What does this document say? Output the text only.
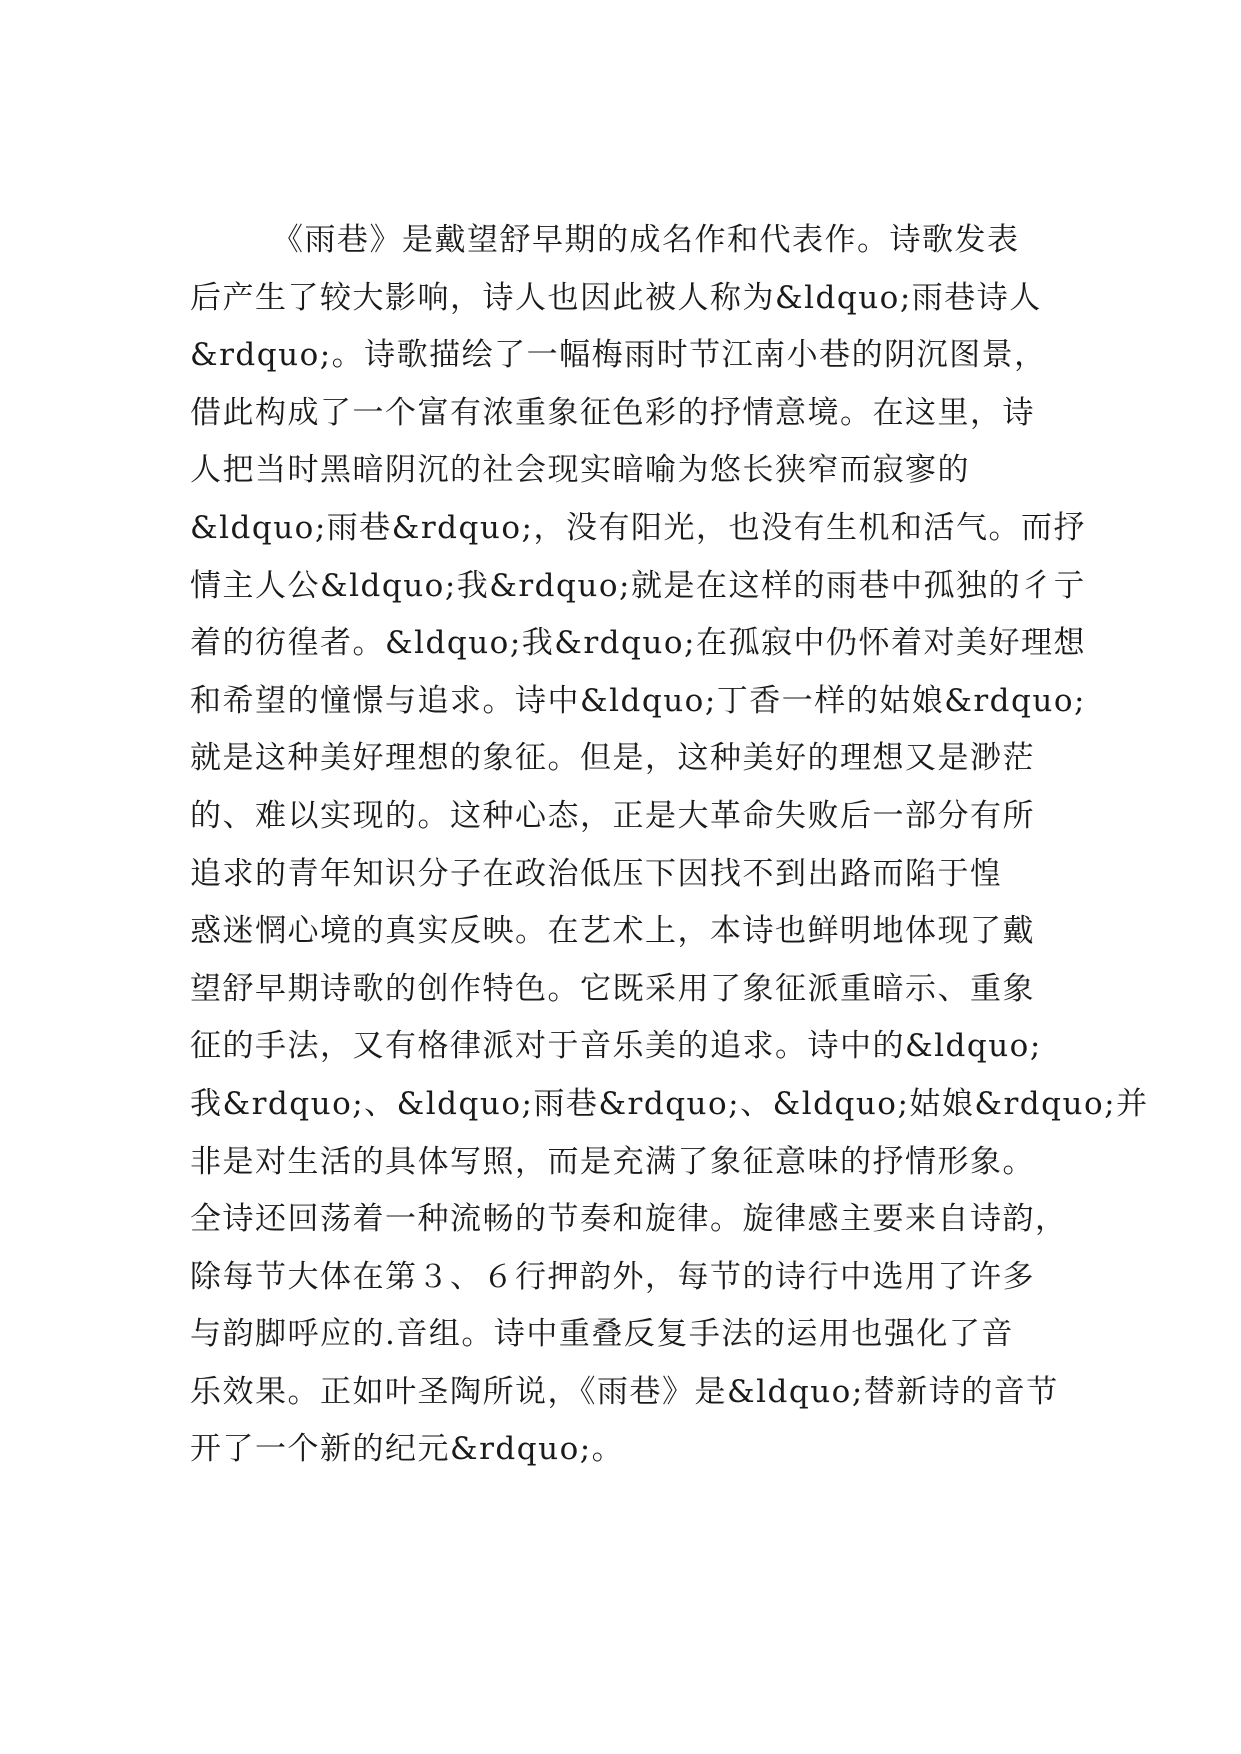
　　　《雨巷》是戴望舒早期的成名作和代表作。诗歌发表
后产生了较大影响，诗人也因此被人称为&ldquo;雨巷诗人
&rdquo;。诗歌描绘了一幅梅雨时节江南小巷的阴沉图景，
借此构成了一个富有浓重象征色彩的抒情意境。在这里，诗
人把当时黑暗阴沉的社会现实暗喻为悠长狭窄而寂寥的
&ldquo;雨巷&rdquo;，没有阳光，也没有生机和活气。而抒
情主人公&ldquo;我&rdquo;就是在这样的雨巷中孤独的彳亍
着的彷徨者。&ldquo;我&rdquo;在孤寂中仍怀着对美好理想
和希望的憧憬与追求。诗中&ldquo;丁香一样的姑娘&rdquo;
就是这种美好理想的象征。但是，这种美好的理想又是渺茫
的、难以实现的。这种心态，正是大革命失败后一部分有所
追求的青年知识分子在政治低压下因找不到出路而陷于惶
惑迷惘心境的真实反映。在艺术上，本诗也鲜明地体现了戴
望舒早期诗歌的创作特色。它既采用了象征派重暗示、重象
征的手法，又有格律派对于音乐美的追求。诗中的&ldquo;
我&rdquo;、&ldquo;雨巷&rdquo;、&ldquo;姑娘&rdquo;并
非是对生活的具体写照，而是充满了象征意味的抒情形象。
全诗还回荡着一种流畅的节奏和旋律。旋律感主要来自诗韵，
除每节大体在第３、６行押韵外，每节的诗行中选用了许多
与韵脚呼应的.音组。诗中重叠反复手法的运用也强化了音
乐效果。正如叶圣陶所说，《雨巷》是&ldquo;替新诗的音节
开了一个新的纪元&rdquo;。
